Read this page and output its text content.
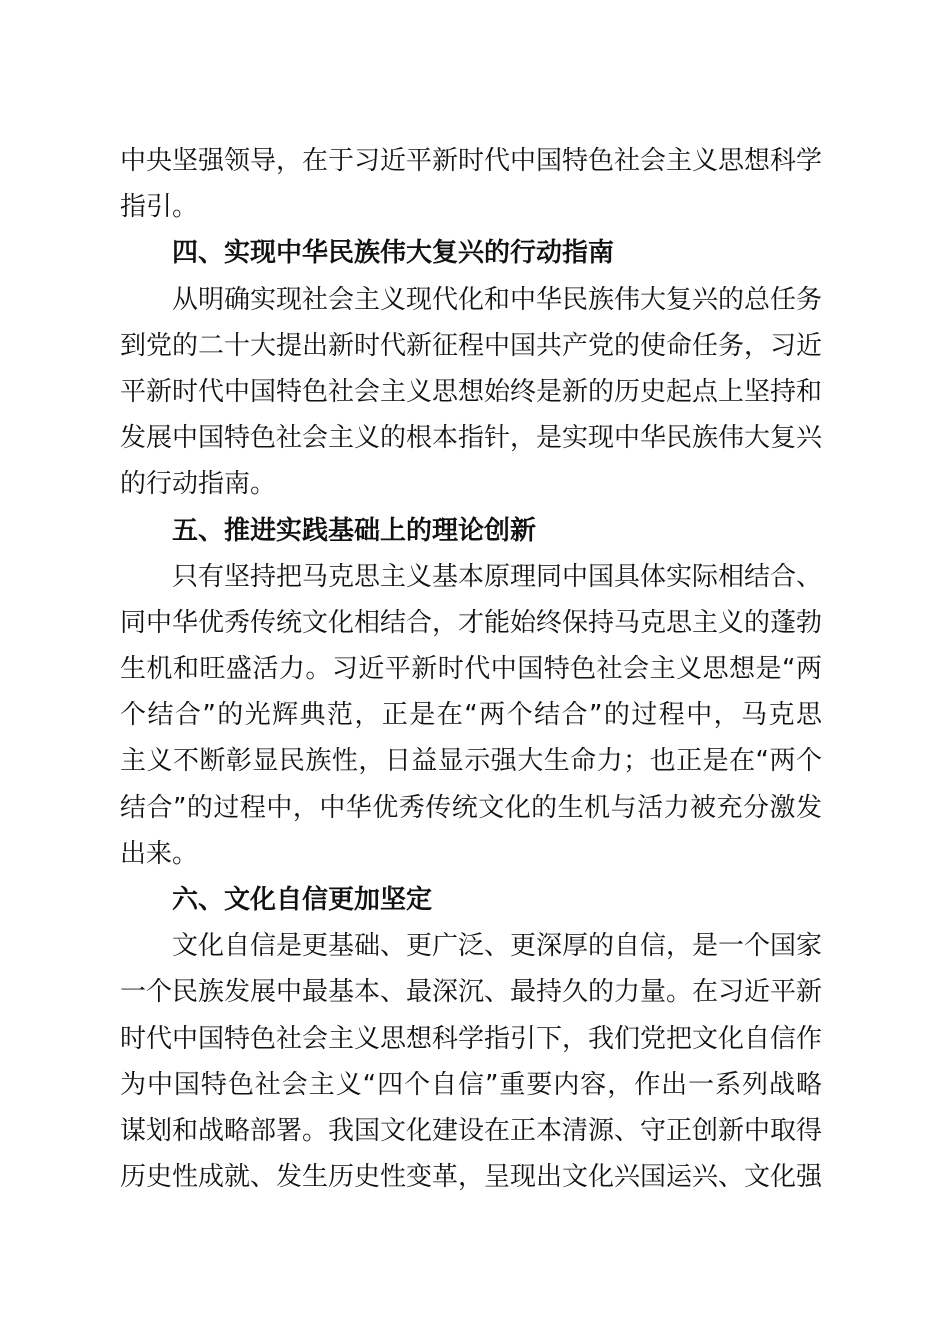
中央坚强领导，在于习近平新时代中国特色社会主义思想科学
指引。
四、实现中华民族伟大复兴的行动指南
从明确实现社会主义现代化和中华民族伟大复兴的总任务
到党的二十大提出新时代新征程中国共产党的使命任务，习近
平新时代中国特色社会主义思想始终是新的历史起点上坚持和
发展中国特色社会主义的根本指针，是实现中华民族伟大复兴
的行动指南。
五、推进实践基础上的理论创新
只有坚持把马克思主义基本原理同中国具体实际相结合、
同中华优秀传统文化相结合，才能始终保持马克思主义的蓬勃
生机和旺盛活力。习近平新时代中国特色社会主义思想是“两
个结合”的光辉典范，正是在“两个结合”的过程中，马克思
主义不断彰显民族性，日益显示强大生命力；也正是在“两个
结合”的过程中，中华优秀传统文化的生机与活力被充分激发
出来。
六、文化自信更加坚定
文化自信是更基础、更广泛、更深厚的自信，是一个国家
一个民族发展中最基本、最深沉、最持久的力量。在习近平新
时代中国特色社会主义思想科学指引下，我们党把文化自信作
为中国特色社会主义“四个自信”重要内容，作出一系列战略
谋划和战略部署。我国文化建设在正本清源、守正创新中取得
历史性成就、发生历史性变革，呈现出文化兴国运兴、文化强
